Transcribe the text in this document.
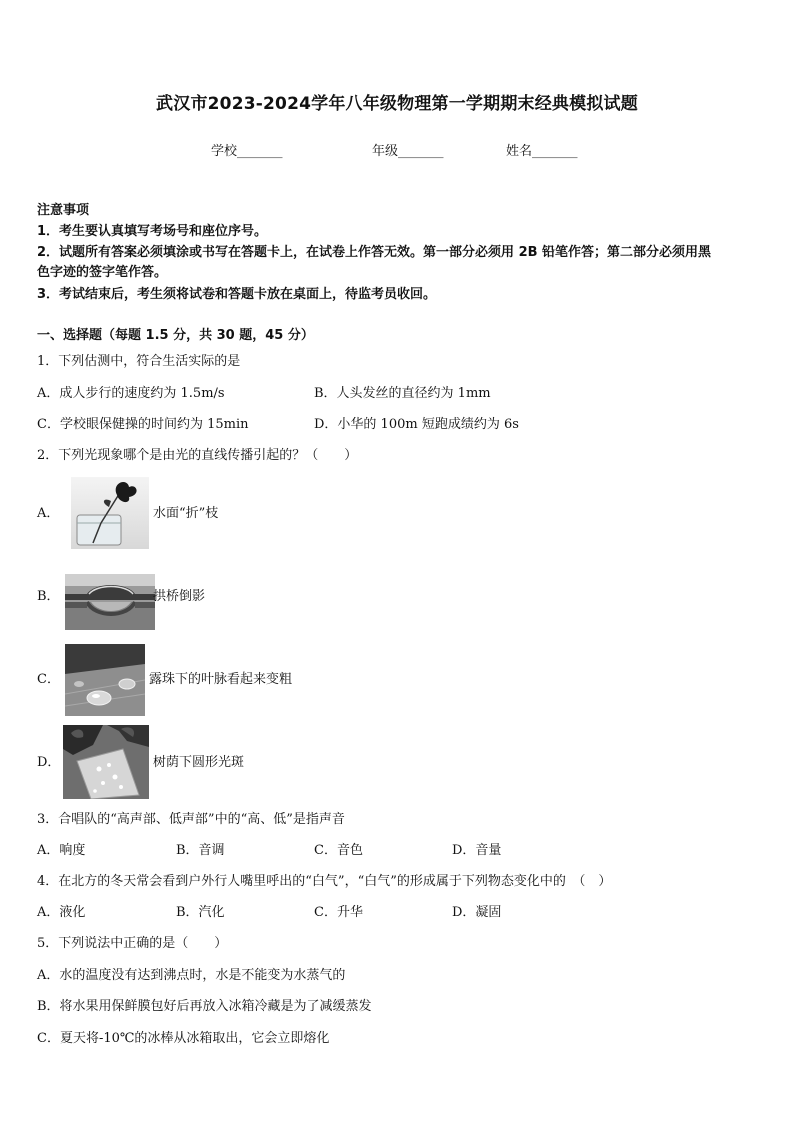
武汉市2023-2024学年八年级物理第一学期期末经典模拟试题
学校_______	年级_______	姓名_______
注意事项
1．考生要认真填写考场号和座位序号。
2．试题所有答案必须填涂或书写在答题卡上，在试卷上作答无效。第一部分必须用 2B 铅笔作答；第二部分必须用黑
色字迹的签字笔作答。
3．考试结束后，考生须将试卷和答题卡放在桌面上，待监考员收回。
一、选择题（每题 1.5 分，共 30 题，45 分）
1．下列估测中，符合生活实际的是
A．成人步行的速度约为 1.5m/s	B．人头发丝的直径约为 1mm
C．学校眼保健操的时间约为 15min	D．小华的 100m 短跑成绩约为 6s
2．下列光现象哪个是由光的直线传播引起的？（　　）
A．	水面“折”枝
B．	拱桥倒影
C．	露珠下的叶脉看起来变粗
D．	树荫下圆形光斑
3．合唱队的“高声部、低声部”中的“高、低”是指声音
A．响度	B．音调	C．音色	D．音量
4．在北方的冬天常会看到户外行人嘴里呼出的“白气”，“白气”的形成属于下列物态变化中的　（　）
A．液化	B．汽化	C．升华	D．凝固
5．下列说法中正确的是（　　）
A．水的温度没有达到沸点时，水是不能变为水蒸气的
B．将水果用保鲜膜包好后再放入冰箱冷藏是为了减缓蒸发
C．夏天将-10℃的冰棒从冰箱取出，它会立即熔化
